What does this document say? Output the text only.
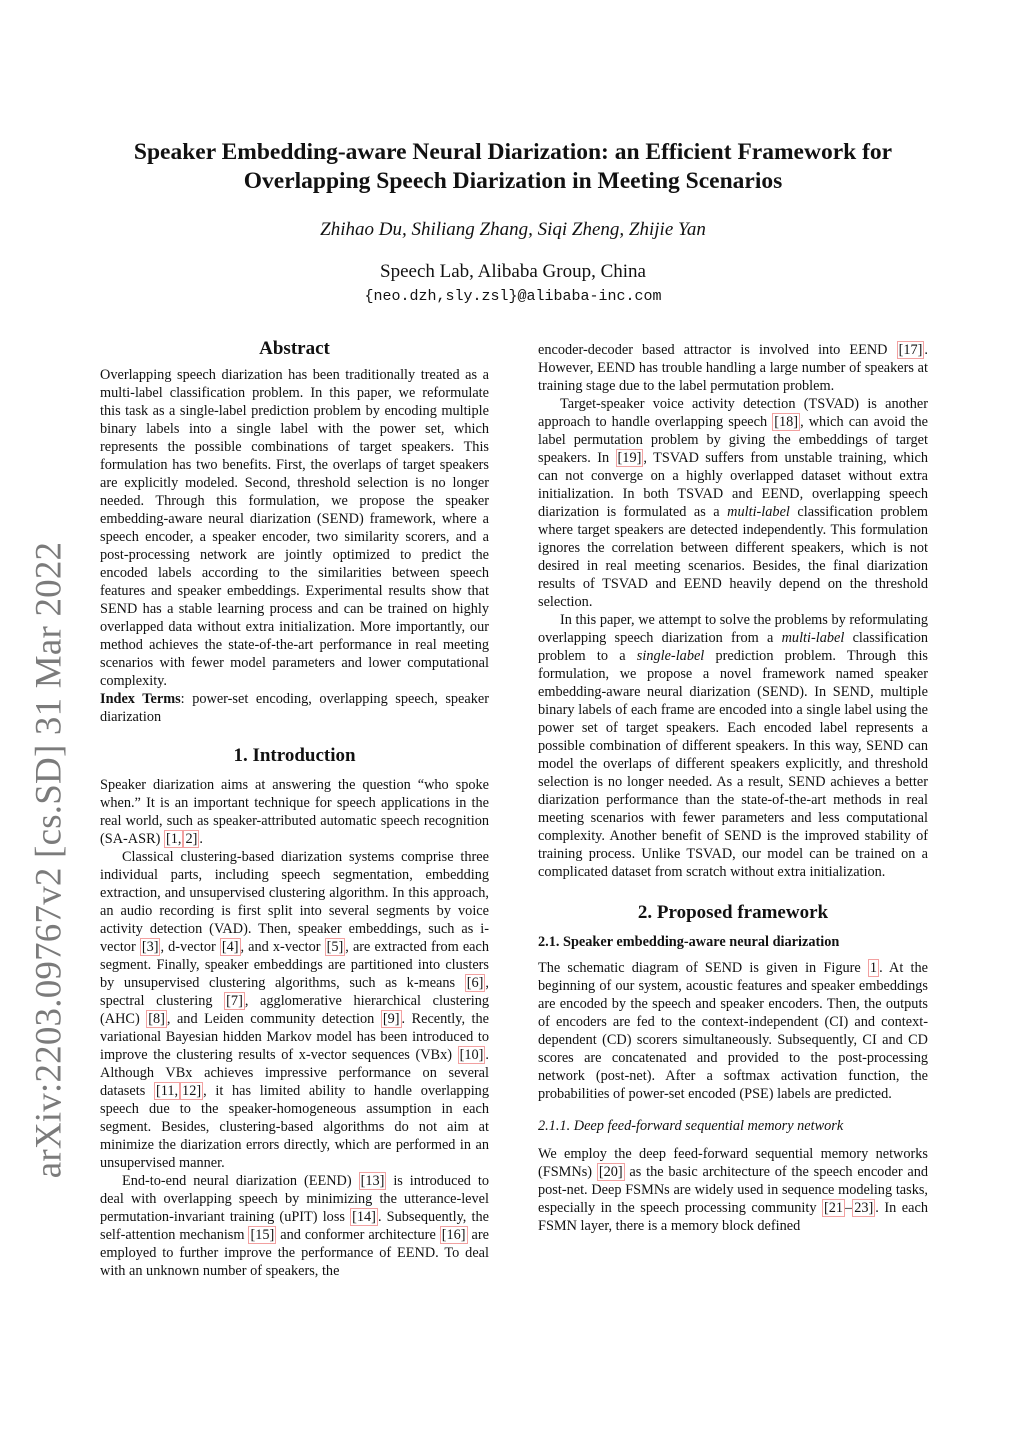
arXiv:2203.09767v2 [cs.SD] 31 Mar 2022
Speaker Embedding-aware Neural Diarization: an Efficient Framework for
Overlapping Speech Diarization in Meeting Scenarios
Zhihao Du, Shiliang Zhang, Siqi Zheng, Zhijie Yan
Speech Lab, Alibaba Group, China
{neo.dzh,sly.zsl}@alibaba-inc.com
Abstract

Overlapping speech diarization has been traditionally treated as a multi-label classification problem. In this paper, we reformulate this task as a single-label prediction problem by encoding multiple binary labels into a single label with the power set, which represents the possible combinations of target speakers. This formulation has two benefits. First, the overlaps of target speakers are explicitly modeled. Second, threshold selection is no longer needed. Through this formulation, we propose the speaker embedding-aware neural diarization (SEND) framework, where a speech encoder, a speaker encoder, two similarity scorers, and a post-processing network are jointly optimized to predict the encoded labels according to the similarities between speech features and speaker embeddings. Experimental results show that SEND has a stable learning process and can be trained on highly overlapped data without extra initialization. More importantly, our method achieves the state-of-the-art performance in real meeting scenarios with fewer model parameters and lower computational complexity.

Index Terms: power-set encoding, overlapping speech, speaker diarization

1. Introduction

Speaker diarization aims at answering the question “who spoke when.” It is an important technique for speech applications in the real world, such as speaker-attributed automatic speech recognition (SA-ASR) [1, 2] .

Classical clustering-based diarization systems comprise three individual parts, including speech segmentation, embedding extraction, and unsupervised clustering algorithm. In this approach, an audio recording is first split into several segments by voice activity detection (VAD). Then, speaker embeddings, such as i-vector [3] , d-vector [4] , and x-vector [5] , are extracted from each segment. Finally, speaker embeddings are partitioned into clusters by unsupervised clustering algorithms, such as k-means [6] , spectral clustering [7] , agglomerative hierarchical clustering (AHC) [8] , and Leiden community detection [9] . Recently, the variational Bayesian hidden Markov model has been introduced to improve the clustering results of x-vector sequences (VBx) [10] . Although VBx achieves impressive performance on several datasets [11, 12] , it has limited ability to handle overlapping speech due to the speaker-homogeneous assumption in each segment. Besides, clustering-based algorithms do not aim at minimize the diarization errors directly, which are performed in an unsupervised manner.

End-to-end neural diarization (EEND) [13] is introduced to deal with overlapping speech by minimizing the utterance-level permutation-invariant training (uPIT) loss [14] . Subsequently, the self-attention mechanism [15] and conformer architecture [16] are employed to further improve the performance of EEND. To deal with an unknown number of speakers, the

encoder-decoder based attractor is involved into EEND [17] . However, EEND has trouble handling a large number of speakers at training stage due to the label permutation problem.

Target-speaker voice activity detection (TSVAD) is another approach to handle overlapping speech [18] , which can avoid the label permutation problem by giving the embeddings of target speakers. In [19] , TSVAD suffers from unstable training, which can not converge on a highly overlapped dataset without extra initialization. In both TSVAD and EEND, overlapping speech diarization is formulated as a multi-label classification problem where target speakers are detected independently. This formulation ignores the correlation between different speakers, which is not desired in real meeting scenarios. Besides, the final diarization results of TSVAD and EEND heavily depend on the threshold selection.

In this paper, we attempt to solve the problems by reformulating overlapping speech diarization from a multi-label classification problem to a single-label prediction problem. Through this formulation, we propose a novel framework named speaker embedding-aware neural diarization (SEND). In SEND, multiple binary labels of each frame are encoded into a single label using the power set of target speakers. Each encoded label represents a possible combination of different speakers. In this way, SEND can model the overlaps of different speakers explicitly, and threshold selection is no longer needed. As a result, SEND achieves a better diarization performance than the state-of-the-art methods in real meeting scenarios with fewer parameters and less computational complexity. Another benefit of SEND is the improved stability of training process. Unlike TSVAD, our model can be trained on a complicated dataset from scratch without extra initialization.

2. Proposed framework
2.1. Speaker embedding-aware neural diarization

The schematic diagram of SEND is given in Figure 1 . At the beginning of our system, acoustic features and speaker embeddings are encoded by the speech and speaker encoders. Then, the outputs of encoders are fed to the context-independent (CI) and context-dependent (CD) scorers simultaneously. Subsequently, CI and CD scores are concatenated and provided to the post-processing network (post-net). After a softmax activation function, the probabilities of power-set encoded (PSE) labels are predicted.

2.1.1. Deep feed-forward sequential memory network

We employ the deep feed-forward sequential memory networks (FSMNs) [20] as the basic architecture of the speech encoder and post-net. Deep FSMNs are widely used in sequence modeling tasks, especially in the speech processing community [21 – 23] . In each FSMN layer, there is a memory block defined
